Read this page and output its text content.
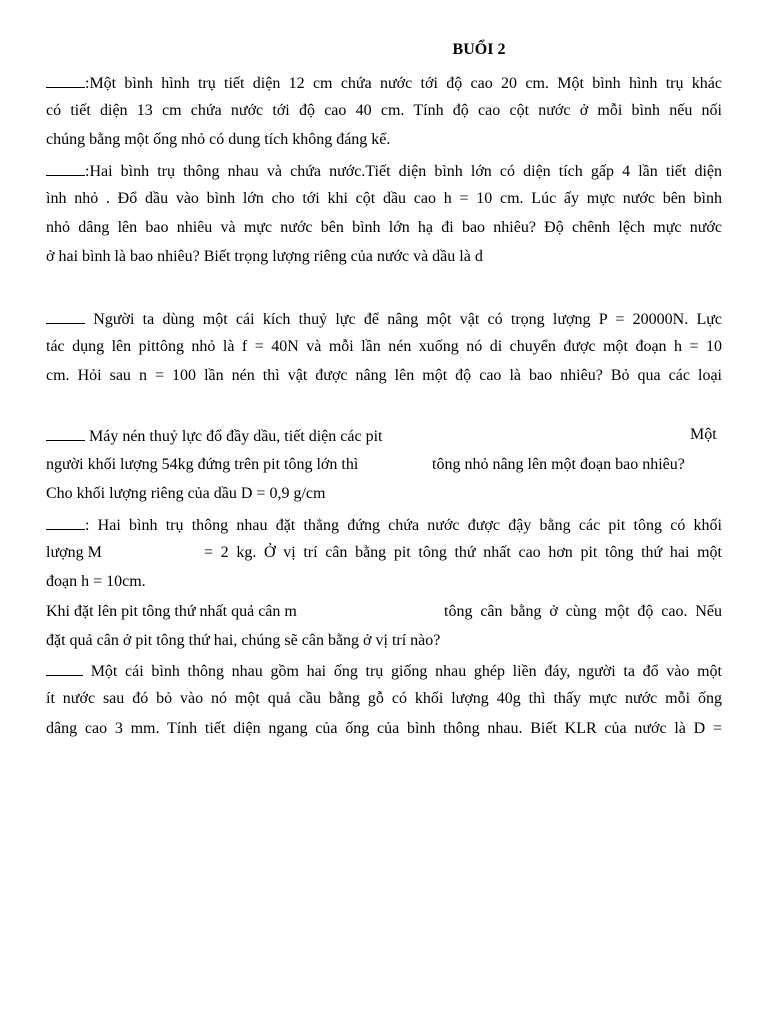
BUỔI 2
:Một bình hình trụ tiết diện 12 cm chứa nước tới độ cao 20 cm. Một bình hình trụ khác
có tiết diện 13 cm chứa nước tới độ cao 40 cm. Tính độ cao cột nước ở mỗi bình nếu nối
chúng bằng một ống nhỏ có dung tích không đáng kể.
:Hai bình trụ thông nhau và chứa nước.Tiết diện bình lớn có diện tích gấp 4 lần tiết diện
ình nhỏ . Đổ dầu vào bình lớn cho tới khi cột dầu cao h = 10 cm. Lúc ấy mực nước bên bình
nhỏ dâng lên bao nhiêu và mực nước bên bình lớn hạ đi bao nhiêu? Độ chênh lệch mực nước
ở hai bình là bao nhiêu? Biết trọng lượng riêng của nước và dầu là d
Người ta dùng một cái kích thuỷ lực để nâng một vật có trọng lượng P = 20000N. Lực
tác dụng lên pittông nhỏ là f = 40N và mỗi lần nén xuống nó di chuyển được một đoạn h = 10
cm. Hỏi sau n = 100 lần nén thì vật được nâng lên một độ cao là bao nhiêu? Bỏ qua các loại
Máy nén thuỷ lực đổ đầy dầu, tiết diện các pit	Một
người khối lượng 54kg đứng trên pit tông lớn thì	tông nhỏ nâng lên một đoạn bao nhiêu?
Cho khối lượng riêng của dầu D = 0,9 g/cm
: Hai bình trụ thông nhau đặt thẳng đứng chứa nước được đậy bằng các pit tông có khối
lượng M	= 2 kg. Ở vị trí cân bằng pit tông thứ nhất cao hơn pit tông thứ hai một
đoạn h = 10cm.
Khi đặt lên pit tông thứ nhất quả cân m	tông cân bằng ở cùng một độ cao. Nếu
đặt quả cân ở pit tông thứ hai, chúng sẽ cân bằng ở vị trí nào?
Một cái bình thông nhau gồm hai ống trụ giống nhau ghép liền đáy, người ta đổ vào một
ít nước sau đó bỏ vào nó một quả cầu bằng gỗ có khối lượng 40g thì thấy mực nước mỗi ống
dâng cao 3 mm. Tính tiết diện ngang của ống của bình thông nhau. Biết KLR của nước là D =
